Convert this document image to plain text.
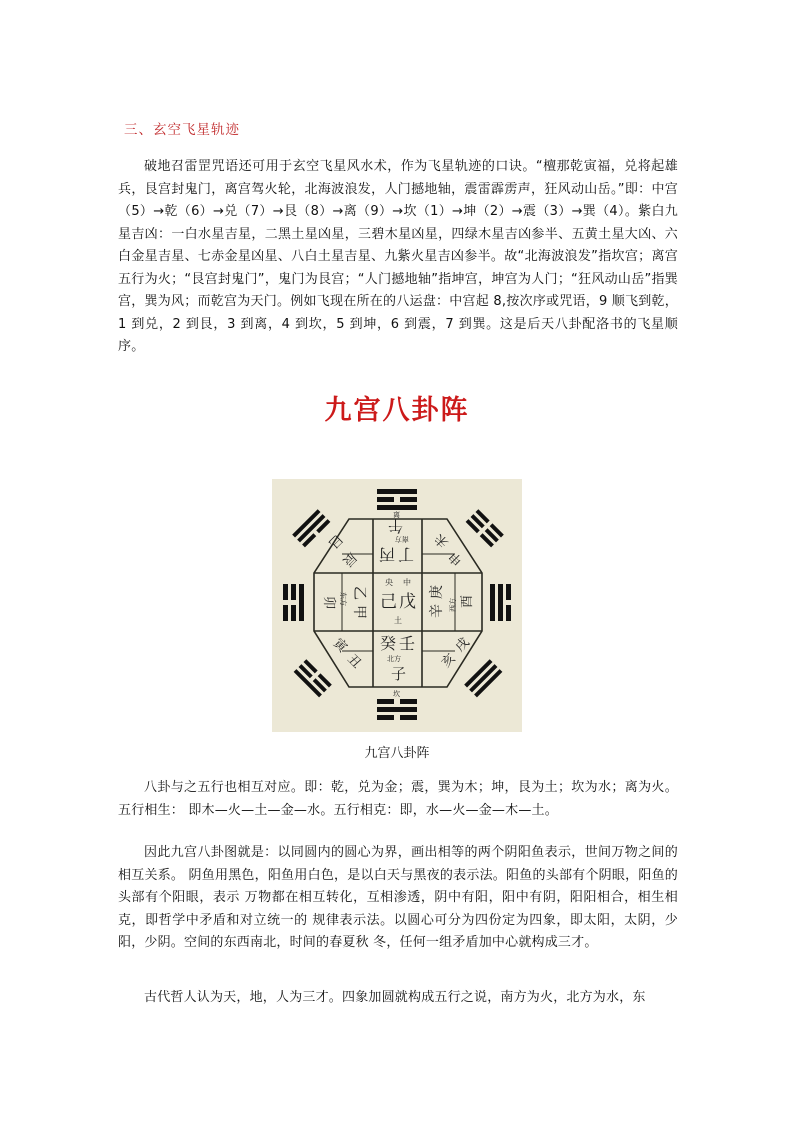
三、玄空飞星轨迹
破地召雷罡咒语还可用于玄空飞星风水术，作为飞星轨迹的口诀。“檀那乾寅福，兑将起雄兵，艮宫封鬼门，离宫驾火轮，北海波浪发，人门撼地轴，震雷霹雳声，狂风动山岳。”即：中宫（5）→乾（6）→兑（7）→艮（8）→离（9）→坎（1）→坤（2）→震（3）→巽（4）。紫白九星吉凶：一白水星吉星，二黑土星凶星，三碧木星凶星，四绿木星吉凶参半、五黄土星大凶、六白金星吉星、七赤金星凶星、八白土星吉星、九紫火星吉凶参半。故“北海波浪发”指坎宫；离宫五行为火；“艮宫封鬼门”，鬼门为艮宫；“人门撼地轴”指坤宫，坤宫为人门；“狂风动山岳”指巽宫，巽为风；而乾宫为天门。例如飞现在所在的八运盘：中宫起 8,按次序或咒语，9 顺飞到乾，1 到兑，2 到艮，3 到离，4 到坎，5 到坤，6 到震，7 到巽。这是后天八卦配洛书的飞星顺序。
九宫八卦阵
央 中
己 戊
土
丁
丙
南方
午
离
癸 壬
北方
子
坎
乙
甲
东方
卯
辛
庚
西方 酉
巳
辰
未
申
寅
丑	亥
戌
九宫八卦阵
八卦与之五行也相互对应。即：乾，兑为金；震，巽为木；坤，艮为土；坎为水；离为火。五行相生： 即木—火—土—金—水。五行相克：即，水—火—金—木—土。
因此九宫八卦图就是：以同圆内的圆心为界，画出相等的两个阴阳鱼表示，世间万物之间的相互关系。 阴鱼用黑色，阳鱼用白色，是以白天与黑夜的表示法。阳鱼的头部有个阴眼，阳鱼的头部有个阳眼，表示 万物都在相互转化，互相渗透，阴中有阳，阳中有阴，阳阳相合，相生相克，即哲学中矛盾和对立统一的 规律表示法。以圆心可分为四份定为四象，即太阳，太阴，少阳，少阴。空间的东西南北，时间的春夏秋 冬，任何一组矛盾加中心就构成三才。
古代哲人认为天，地，人为三才。四象加圆就构成五行之说，南方为火，北方为水，东
